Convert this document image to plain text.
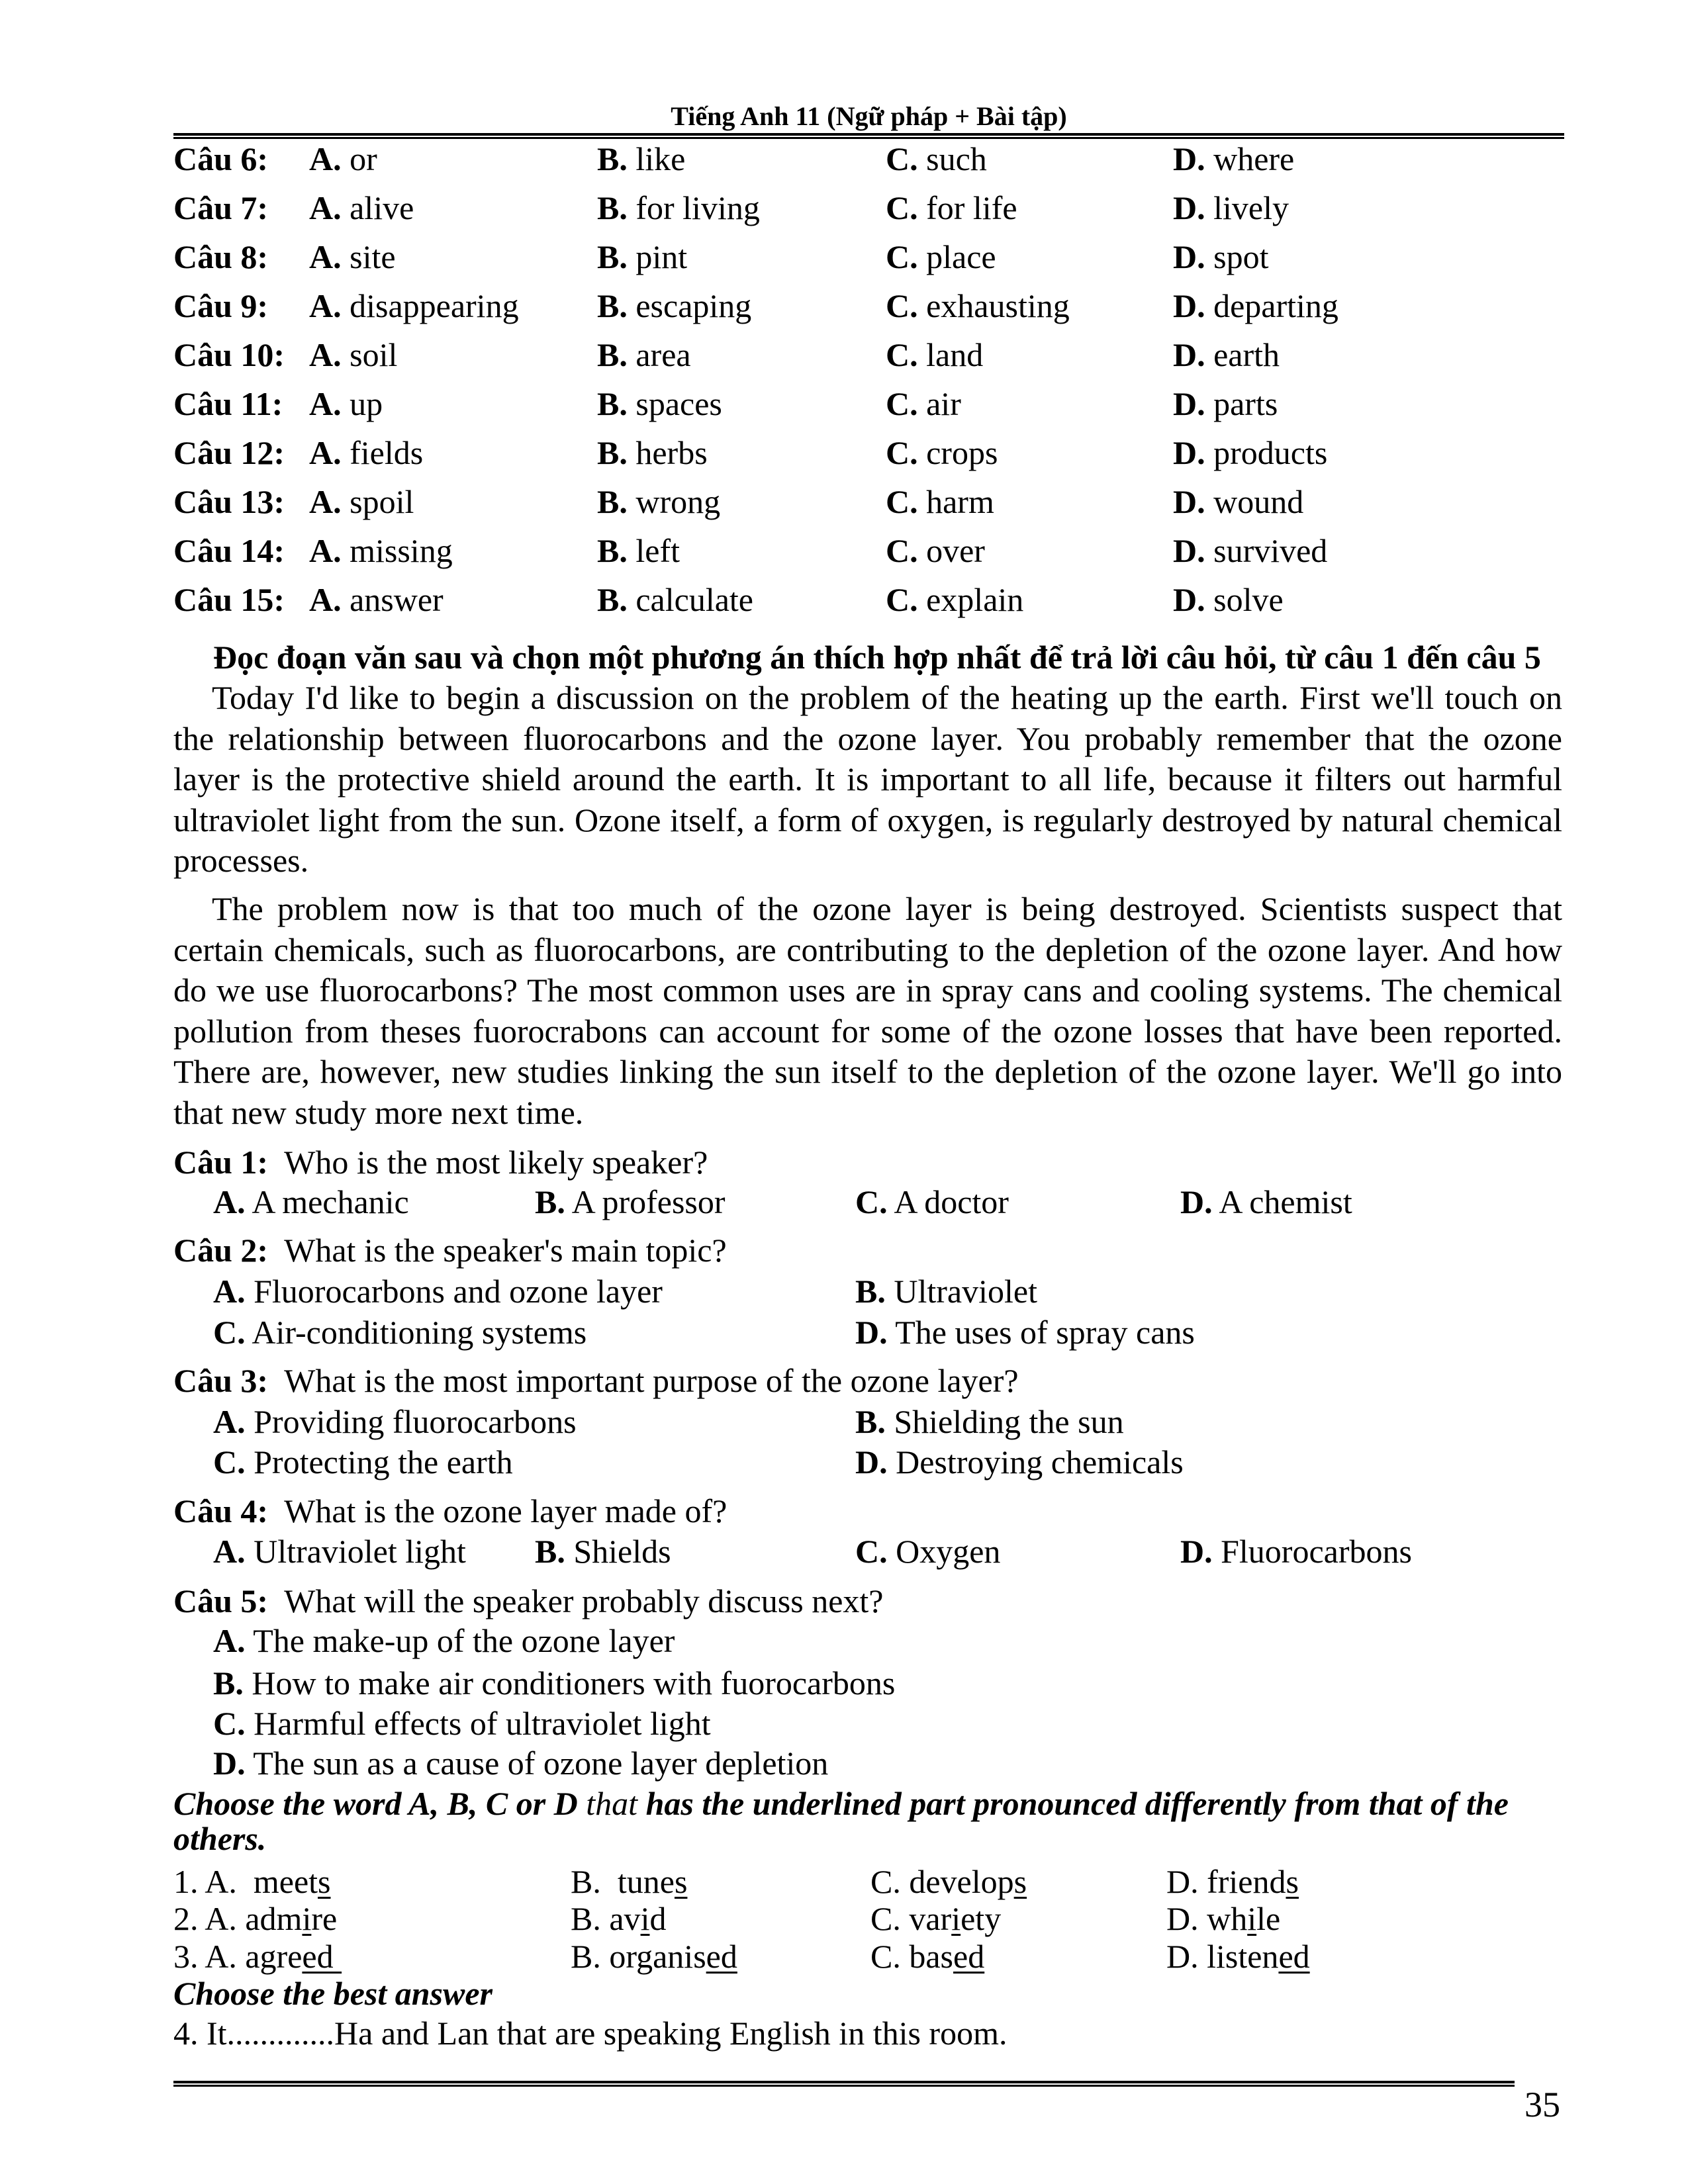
Tiếng Anh 11 (Ngữ pháp + Bài tập)
Câu 6: A. or	B. like	C. such	D. where
Câu 7: A. alive	B. for living	C. for life	D. lively
Câu 8: A. site	B. pint	C. place	D. spot
Câu 9: A. disappearing B. escaping	C. exhausting	D. departing
Câu 10: A. soil	B. area	C. land	D. earth
Câu 11: A. up	B. spaces	C. air	D. parts
Câu 12: A. fields	B. herbs	C. crops	D. products
Câu 13: A. spoil	B. wrong	C. harm	D. wound
Câu 14: A. missing	B. left	C. over	D. survived
Câu 15: A. answer	B. calculate	C. explain	D. solve
Đọc đoạn văn sau và chọn một phương án thích hợp nhất để trả lời câu hỏi, từ câu 1 đến câu 5
Today I'd like to begin a discussion on the problem of the heating up the earth. First we'll touch on
the relationship between fluorocarbons and the ozone layer. You probably remember that the ozone
layer is the protective shield around the earth. It is important to all life, because it filters out harmful
ultraviolet light from the sun. Ozone itself, a form of oxygen, is regularly destroyed by natural chemical
processes.
The problem now is that too much of the ozone layer is being destroyed. Scientists suspect that
certain chemicals, such as fluorocarbons, are contributing to the depletion of the ozone layer. And how
do we use fluorocarbons? The most common uses are in spray cans and cooling systems. The chemical
pollution from theses fuorocrabons can account for some of the ozone losses that have been reported.
There are, however, new studies linking the sun itself to the depletion of the ozone layer. We'll go into
that new study more next time.
Câu 1:  Who is the most likely speaker?
A. A mechanic	B. A professor	C. A doctor	D. A chemist
Câu 2:  What is the speaker's main topic?
A. Fluorocarbons and ozone layer	B. Ultraviolet
C. Air-conditioning systems	D. The uses of spray cans
Câu 3:  What is the most important purpose of the ozone layer?
A. Providing fluorocarbons	B. Shielding the sun
C. Protecting the earth	D. Destroying chemicals
Câu 4:  What is the ozone layer made of?
A. Ultraviolet light B. Shields	C. Oxygen	D. Fluorocarbons
Câu 5:  What will the speaker probably discuss next?
A. The make-up of the ozone layer
B. How to make air conditioners with fuorocarbons
C. Harmful effects of ultraviolet light
D. The sun as a cause of ozone layer depletion
Choose the word A, B, C or D that has the underlined part pronounced differently from that of the
others.
1. A.  meets	B.  tunes	C. develops	D. friends
2. A. admire	B. avid	C. variety	D. while
3. A. agreed	B. organised	C. based	D. listened
Choose the best answer
4. It.............Ha and Lan that are speaking English in this room.
35
